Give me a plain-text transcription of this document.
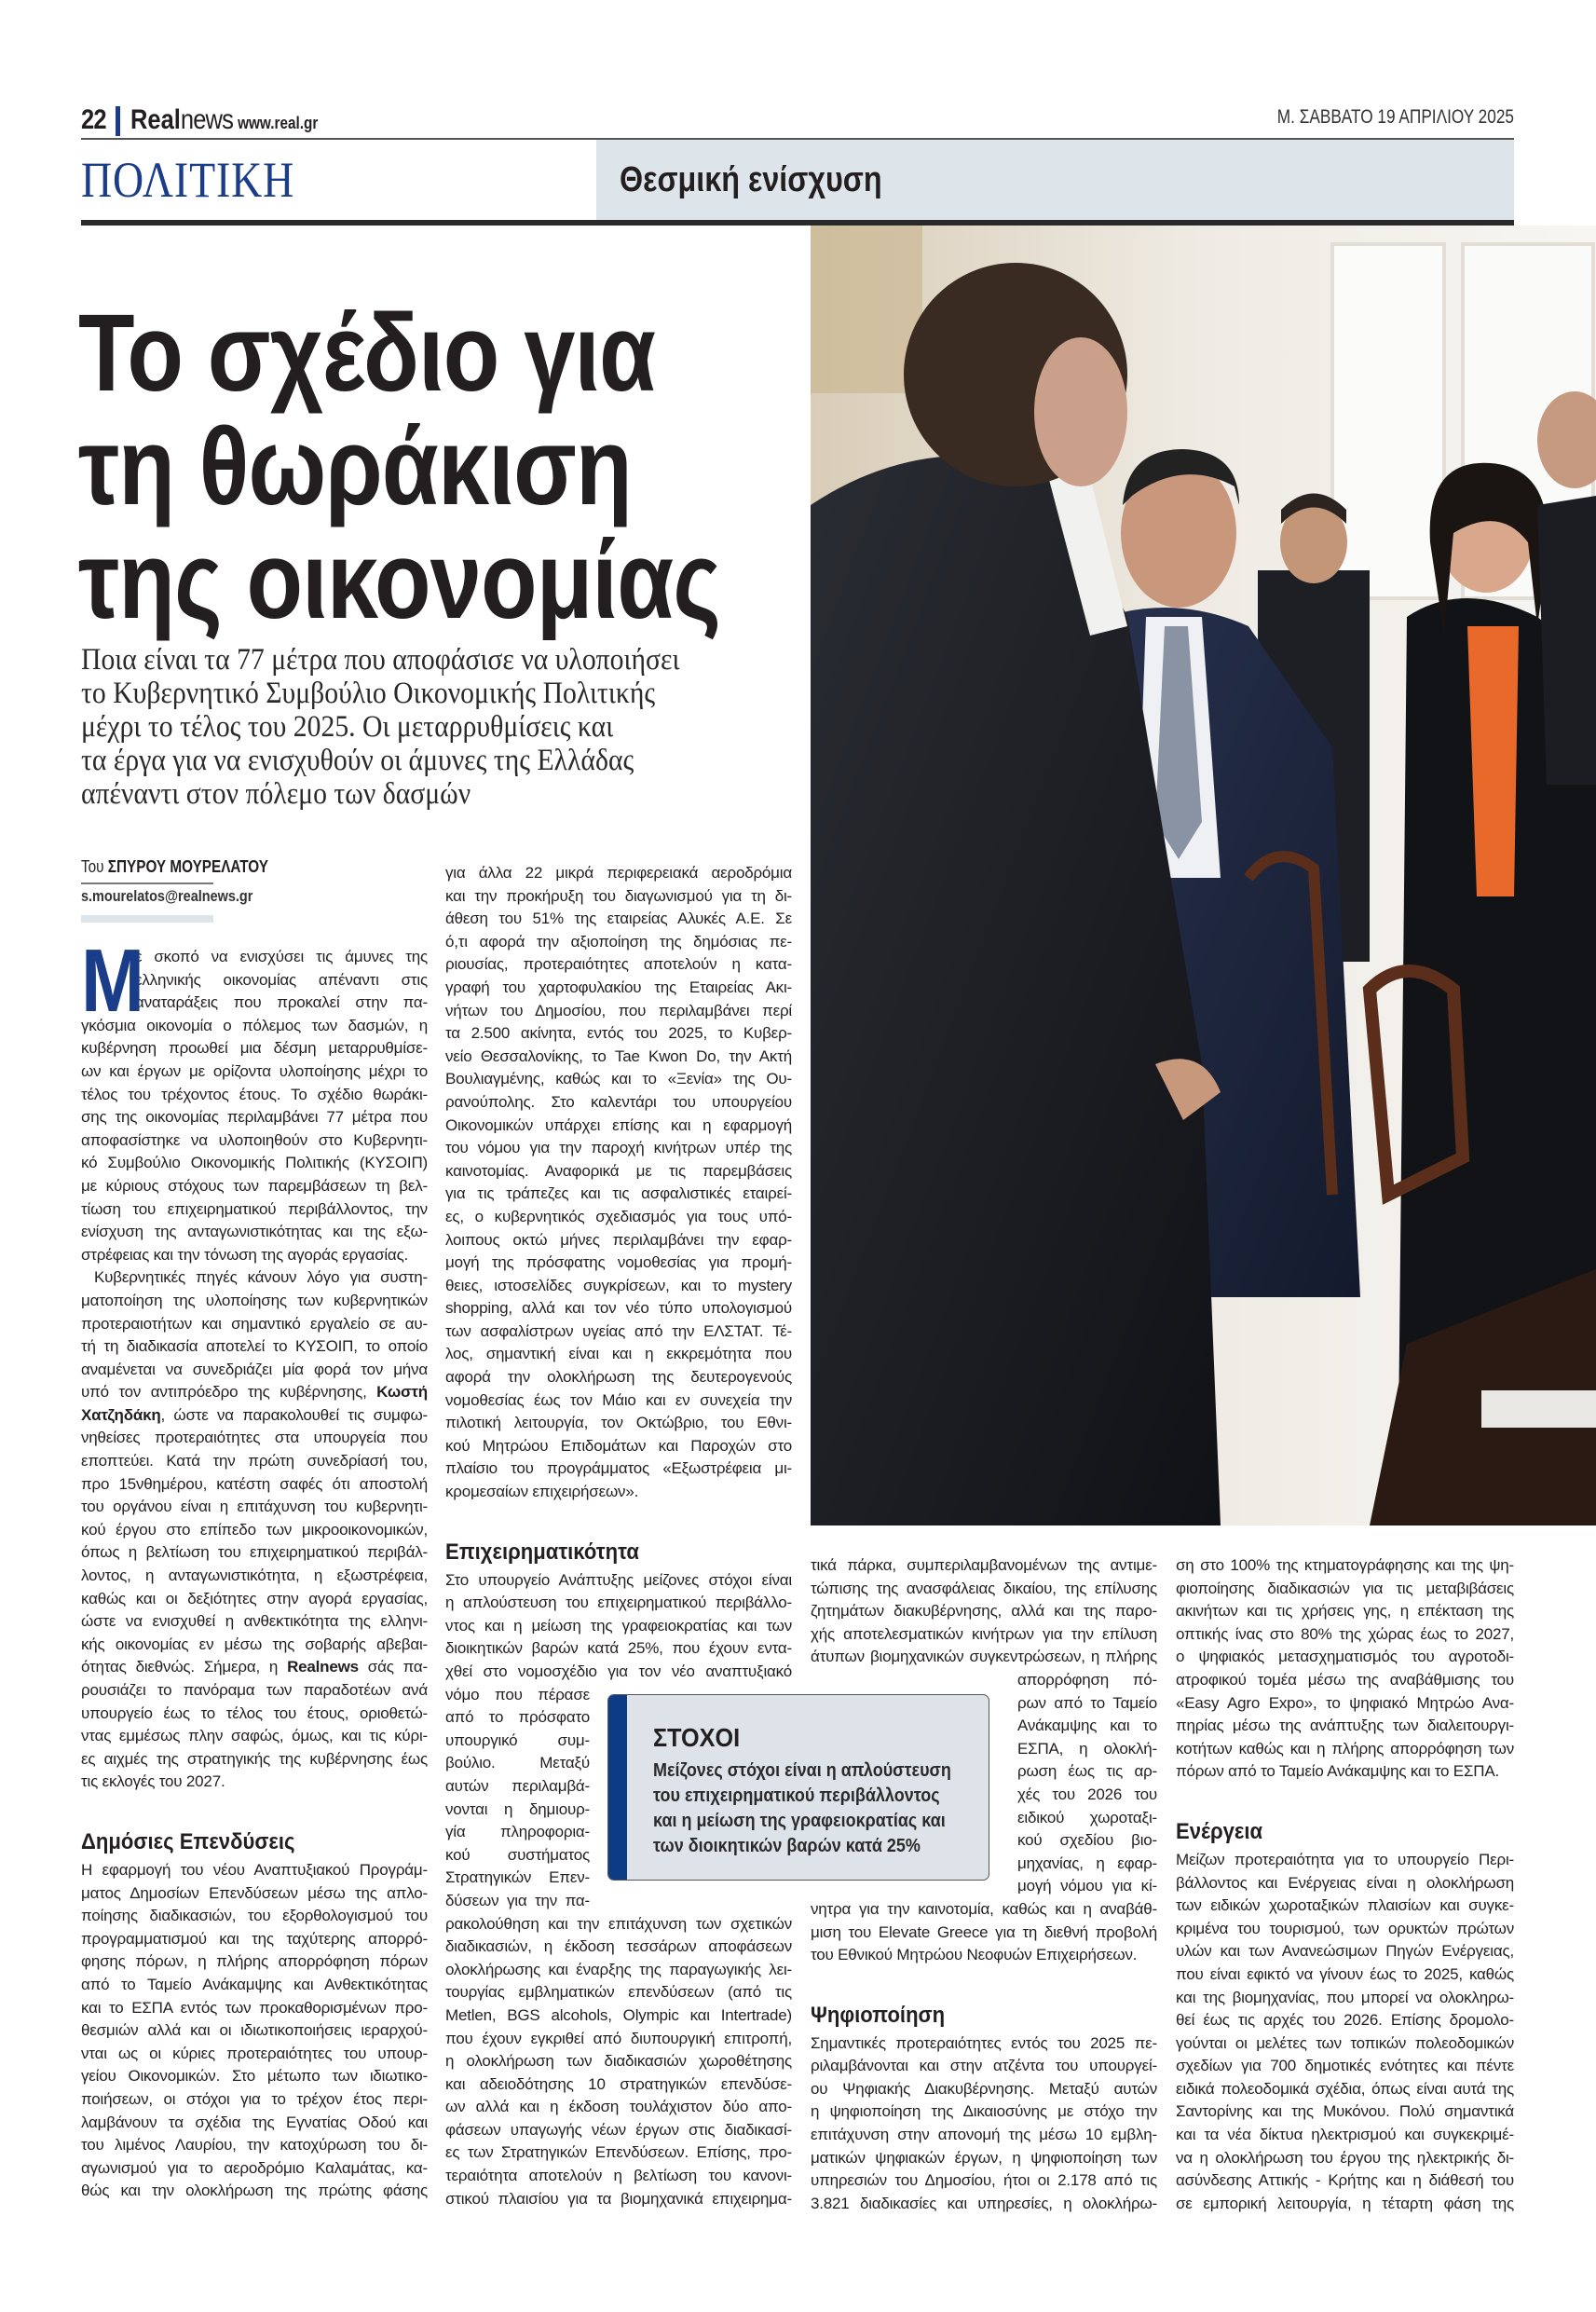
22 Realnews www.real.gr	Μ. ΣΑΒΒΑΤΟ 19 ΑΠΡΙΛΙΟΥ 2025
ΠΟΛΙΤΙΚΗ	Θεσμική ενίσχυση
Το σχέδιο για
τη θωράκιση
της οικονομίας
Ποια είναι τα 77 μέτρα που αποφάσισε να υλοποιήσει
το Κυβερνητικό Συμβούλιο Οικονομικής Πολιτικής
μέχρι το τέλος του 2025. Οι μεταρρυθμίσεις και
τα έργα για να ενισχυθούν οι άμυνες της Ελλάδας
απέναντι στον πόλεμο των δασμών
Του ΣΠΥΡΟΥ ΜΟΥΡΕΛΑΤΟΥ
s.mourelatos@realnews.gr
Μ
ε σκοπό να ενισχύσει τις άμυνες της
ελληνικής οικονομίας απέναντι στις
αναταράξεις που προκαλεί στην πα-
γκόσμια οικονομία ο πόλεμος των δασμών, η
κυβέρνηση προωθεί μια δέσμη μεταρρυθμίσε-
ων και έργων με ορίζοντα υλοποίησης μέχρι το
τέλος του τρέχοντος έτους. Το σχέδιο θωράκι-
σης της οικονομίας περιλαμβάνει 77 μέτρα που
αποφασίστηκε να υλοποιηθούν στο Κυβερνητι-
κό Συμβούλιο Οικονομικής Πολιτικής (ΚΥΣΟΙΠ)
με κύριους στόχους των παρεμβάσεων τη βελ-
τίωση του επιχειρηματικού περιβάλλοντος, την
ενίσχυση της ανταγωνιστικότητας και της εξω-
στρέφειας και την τόνωση της αγοράς εργασίας.
Κυβερνητικές πηγές κάνουν λόγο για συστη-
ματοποίηση της υλοποίησης των κυβερνητικών
προτεραιοτήτων και σημαντικό εργαλείο σε αυ-
τή τη διαδικασία αποτελεί το ΚΥΣΟΙΠ, το οποίο
αναμένεται να συνεδριάζει μία φορά τον μήνα
υπό τον αντιπρόεδρο της κυβέρνησης, Κωστή
Χατζηδάκη, ώστε να παρακολουθεί τις συμφω-
νηθείσες προτεραιότητες στα υπουργεία που
εποπτεύει. Κατά την πρώτη συνεδρίασή του,
προ 15νθημέρου, κατέστη σαφές ότι αποστολή
του οργάνου είναι η επιτάχυνση του κυβερνητι-
κού έργου στο επίπεδο των μικροοικονομικών,
όπως η βελτίωση του επιχειρηματικού περιβάλ-
λοντος, η ανταγωνιστικότητα, η εξωστρέφεια,
καθώς και οι δεξιότητες στην αγορά εργασίας,
ώστε να ενισχυθεί η ανθεκτικότητα της ελληνι-
κής οικονομίας εν μέσω της σοβαρής αβεβαι-
ότητας διεθνώς. Σήμερα, η Realnews σάς πα-
ρουσιάζει το πανόραμα των παραδοτέων ανά
υπουργείο έως το τέλος του έτους, οριοθετώ-
ντας εμμέσως πλην σαφώς, όμως, και τις κύρι-
ες αιχμές της στρατηγικής της κυβέρνησης έως
τις εκλογές του 2027.
Δημόσιες Επενδύσεις
Η εφαρμογή του νέου Αναπτυξιακού Προγράμ-
ματος Δημοσίων Επενδύσεων μέσω της απλο-
ποίησης διαδικασιών, του εξορθολογισμού του
προγραμματισμού και της ταχύτερης απορρό-
φησης πόρων, η πλήρης απορρόφηση πόρων
από το Ταμείο Ανάκαμψης και Ανθεκτικότητας
και το ΕΣΠΑ εντός των προκαθορισμένων προ-
θεσμιών αλλά και οι ιδιωτικοποιήσεις ιεραρχού-
νται ως οι κύριες προτεραιότητες του υπουρ-
γείου Οικονομικών. Στο μέτωπο των ιδιωτικο-
ποιήσεων, οι στόχοι για το τρέχον έτος περι-
λαμβάνουν τα σχέδια της Εγνατίας Οδού και
του λιμένος Λαυρίου, την κατοχύρωση του δι-
αγωνισμού για το αεροδρόμιο Καλαμάτας, κα-
θώς και την ολοκλήρωση της πρώτης φάσης
για άλλα 22 μικρά περιφερειακά αεροδρόμια
και την προκήρυξη του διαγωνισμού για τη δι-
άθεση του 51% της εταιρείας Αλυκές Α.Ε. Σε
ό,τι αφορά την αξιοποίηση της δημόσιας πε-
ριουσίας, προτεραιότητες αποτελούν η κατα-
γραφή του χαρτοφυλακίου της Εταιρείας Ακι-
νήτων του Δημοσίου, που περιλαμβάνει περί
τα 2.500 ακίνητα, εντός του 2025, το Κυβερ-
νείο Θεσσαλονίκης, το Tae Kwon Do, την Ακτή
Βουλιαγμένης, καθώς και το «Ξενία» της Ου-
ρανούπολης. Στο καλεντάρι του υπουργείου
Οικονομικών υπάρχει επίσης και η εφαρμογή
του νόμου για την παροχή κινήτρων υπέρ της
καινοτομίας. Αναφορικά με τις παρεμβάσεις
για τις τράπεζες και τις ασφαλιστικές εταιρεί-
ες, ο κυβερνητικός σχεδιασμός για τους υπό-
λοιπους οκτώ μήνες περιλαμβάνει την εφαρ-
μογή της πρόσφατης νομοθεσίας για προμή-
θειες, ιστοσελίδες συγκρίσεων, και το mystery
shopping, αλλά και τον νέο τύπο υπολογισμού
των ασφαλίστρων υγείας από την ΕΛΣΤΑΤ. Τέ-
λος, σημαντική είναι και η εκκρεμότητα που
αφορά την ολοκλήρωση της δευτερογενούς
νομοθεσίας έως τον Μάιο και εν συνεχεία την
πιλοτική λειτουργία, τον Οκτώβριο, του Εθνι-
κού Μητρώου Επιδομάτων και Παροχών στο
πλαίσιο του προγράμματος «Εξωστρέφεια μι-
κρομεσαίων επιχειρήσεων».
Επιχειρηματικότητα
Στο υπουργείο Ανάπτυξης μείζονες στόχοι είναι
η απλούστευση του επιχειρηματικού περιβάλλο-
ντος και η μείωση της γραφειοκρατίας και των
διοικητικών βαρών κατά 25%, που έχουν εντα-
χθεί στο νομοσχέδιο για τον νέο αναπτυξιακό
νόμο που πέρασε
από το πρόσφατο
υπουργικό συμ-
βούλιο. Μεταξύ
αυτών περιλαμβά-
νονται η δημιουρ-
γία πληροφορια-
κού συστήματος
Στρατηγικών Επεν-
δύσεων για την πα-
ρακολούθηση και την επιτάχυνση των σχετικών
διαδικασιών, η έκδοση τεσσάρων αποφάσεων
ολοκλήρωσης και έναρξης της παραγωγικής λει-
τουργίας εμβληματικών επενδύσεων (από τις
Metlen, BGS alcohols, Olympic και Intertrade)
που έχουν εγκριθεί από διυπουργική επιτροπή,
η ολοκλήρωση των διαδικασιών χωροθέτησης
και αδειοδότησης 10 στρατηγικών επενδύσε-
ων αλλά και η έκδοση τουλάχιστον δύο απο-
φάσεων υπαγωγής νέων έργων στις διαδικασί-
ες των Στρατηγικών Επενδύσεων. Επίσης, προ-
τεραιότητα αποτελούν η βελτίωση του κανονι-
στικού πλαισίου για τα βιομηχανικά επιχειρημα-
τικά πάρκα, συμπεριλαμβανομένων της αντιμε-
τώπισης της ανασφάλειας δικαίου, της επίλυσης
ζητημάτων διακυβέρνησης, αλλά και της παρο-
χής αποτελεσματικών κινήτρων για την επίλυση
άτυπων βιομηχανικών συγκεντρώσεων, η πλήρης
απορρόφηση πό-
ρων από το Ταμείο
Ανάκαμψης και το
ΕΣΠΑ, η ολοκλή-
ρωση έως τις αρ-
χές του 2026 του
ειδικού χωροταξι-
κού σχεδίου βιο-
μηχανίας, η εφαρ-
μογή νόμου για κί-
νητρα για την καινοτομία, καθώς και η αναβάθ-
μιση του Elevate Greece για τη διεθνή προβολή
του Εθνικού Μητρώου Νεοφυών Επιχειρήσεων.
Ψηφιοποίηση
Σημαντικές προτεραιότητες εντός του 2025 πε-
ριλαμβάνονται και στην ατζέντα του υπουργεί-
ου Ψηφιακής Διακυβέρνησης. Μεταξύ αυτών
η ψηφιοποίηση της Δικαιοσύνης με στόχο την
επιτάχυνση στην απονομή της μέσω 10 εμβλη-
ματικών ψηφιακών έργων, η ψηφιοποίηση των
υπηρεσιών του Δημοσίου, ήτοι οι 2.178 από τις
3.821 διαδικασίες και υπηρεσίες, η ολοκλήρω-
ση στο 100% της κτηματογράφησης και της ψη-
φιοποίησης διαδικασιών για τις μεταβιβάσεις
ακινήτων και τις χρήσεις γης, η επέκταση της
οπτικής ίνας στο 80% της χώρας έως το 2027,
ο ψηφιακός μετασχηματισμός του αγροτοδι-
ατροφικού τομέα μέσω της αναβάθμισης του
«Easy Agro Expo», το ψηφιακό Μητρώο Ανα-
πηρίας μέσω της ανάπτυξης των διαλειτουργι-
κοτήτων καθώς και η πλήρης απορρόφηση των
πόρων από το Ταμείο Ανάκαμψης και το ΕΣΠΑ.
Ενέργεια
Μείζων προτεραιότητα για το υπουργείο Περι-
βάλλοντος και Ενέργειας είναι η ολοκλήρωση
των ειδικών χωροταξικών πλαισίων και συγκε-
κριμένα του τουρισμού, των ορυκτών πρώτων
υλών και των Ανανεώσιμων Πηγών Ενέργειας,
που είναι εφικτό να γίνουν έως το 2025, καθώς
και της βιομηχανίας, που μπορεί να ολοκληρω-
θεί έως τις αρχές του 2026. Επίσης δρομολο-
γούνται οι μελέτες των τοπικών πολεοδομικών
σχεδίων για 700 δημοτικές ενότητες και πέντε
ειδικά πολεοδομικά σχέδια, όπως είναι αυτά της
Σαντορίνης και της Μυκόνου. Πολύ σημαντικά
και τα νέα δίκτυα ηλεκτρισμού και συγκεκριμέ-
να η ολοκλήρωση του έργου της ηλεκτρικής δι-
ασύνδεσης Αττικής - Κρήτης και η διάθεσή του
σε εμπορική λειτουργία, η τέταρτη φάση της
ΣΤΟΧΟΙ
Μείζονες στόχοι είναι η απλούστευση
του επιχειρηματικού περιβάλλοντος
και η μείωση της γραφειοκρατίας και
των διοικητικών βαρών κατά 25%
